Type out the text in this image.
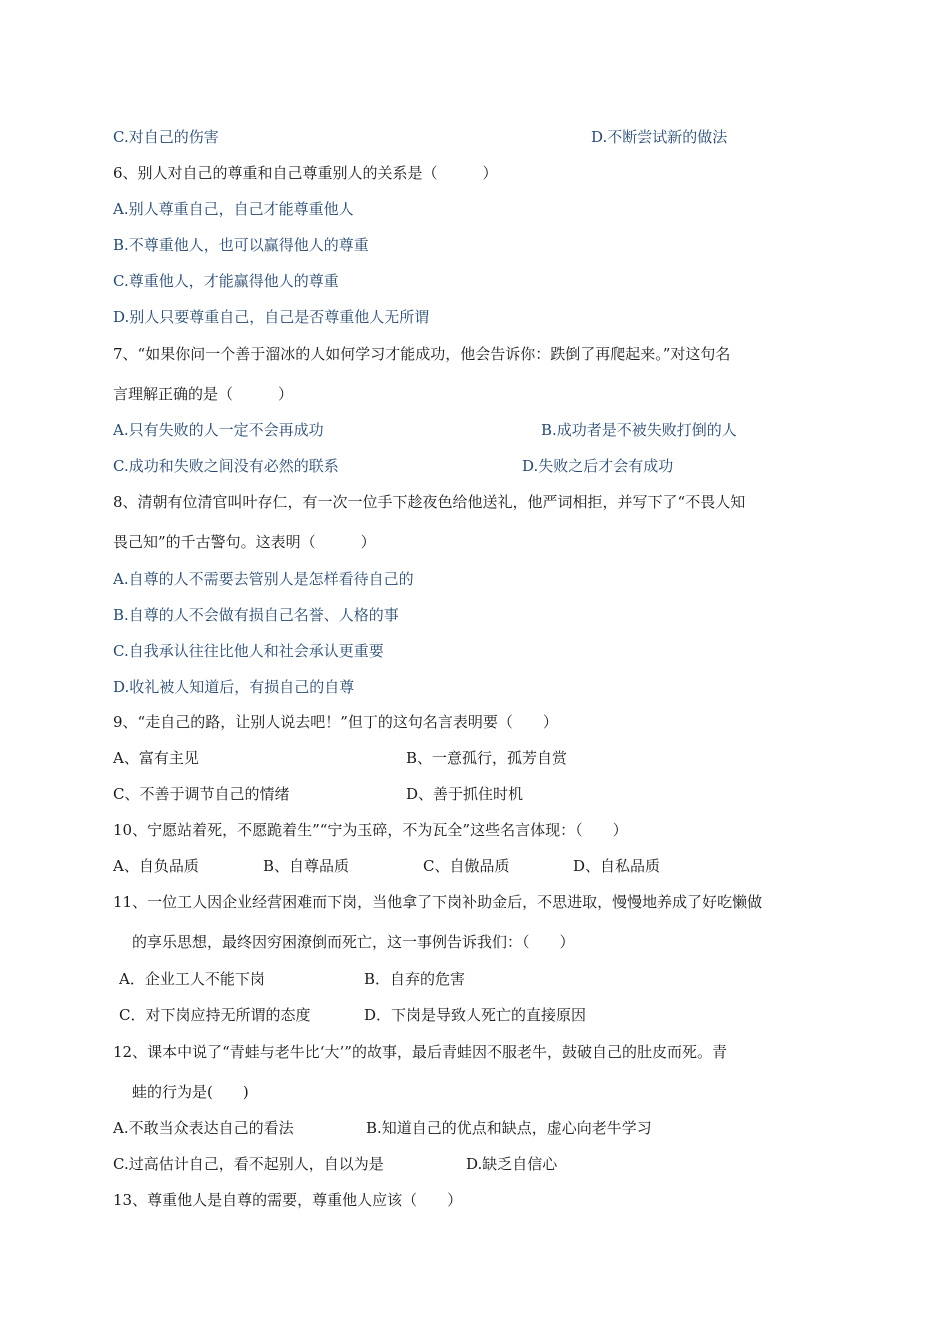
C.对自己的伤害	D.不断尝试新的做法
6、别人对自己的尊重和自己尊重别人的关系是（　　　）
A.别人尊重自己，自己才能尊重他人
B.不尊重他人，也可以赢得他人的尊重
C.尊重他人，才能赢得他人的尊重
D.别人只要尊重自己，自己是否尊重他人无所谓
7、“如果你问一个善于溜冰的人如何学习才能成功，他会告诉你：跌倒了再爬起来。”对这句名
言理解正确的是（　　　）
A.只有失败的人一定不会再成功	B.成功者是不被失败打倒的人
C.成功和失败之间没有必然的联系	D.失败之后才会有成功
8、清朝有位清官叫叶存仁，有一次一位手下趁夜色给他送礼，他严词相拒，并写下了“不畏人知
畏己知”的千古警句。这表明（　　　）
A.自尊的人不需要去管别人是怎样看待自己的
B.自尊的人不会做有损自己名誉、人格的事
C.自我承认往往比他人和社会承认更重要
D.收礼被人知道后，有损自己的自尊
9、“走自己的路，让别人说去吧！”但丁的这句名言表明要（　　）
A、富有主见	B、一意孤行，孤芳自赏
C、不善于调节自己的情绪	D、善于抓住时机
10、宁愿站着死，不愿跪着生”“宁为玉碎，不为瓦全”这些名言体现：（　　）
A、自负品质	B、自尊品质	C、自傲品质	D、自私品质
11、一位工人因企业经营困难而下岗，当他拿了下岗补助金后，不思进取，慢慢地养成了好吃懒做
的享乐思想，最终因穷困潦倒而死亡，这一事例告诉我们：（　　）
A．企业工人不能下岗	B．自弃的危害
C．对下岗应持无所谓的态度	D．下岗是导致人死亡的直接原因
12、课本中说了“青蛙与老牛比‘大’”的故事，最后青蛙因不服老牛，鼓破自己的肚皮而死。青
蛙的行为是(　　)
A.不敢当众表达自己的看法	B.知道自己的优点和缺点，虚心向老牛学习
C.过高估计自己，看不起别人，自以为是	D.缺乏自信心
13、尊重他人是自尊的需要，尊重他人应该（　　）
